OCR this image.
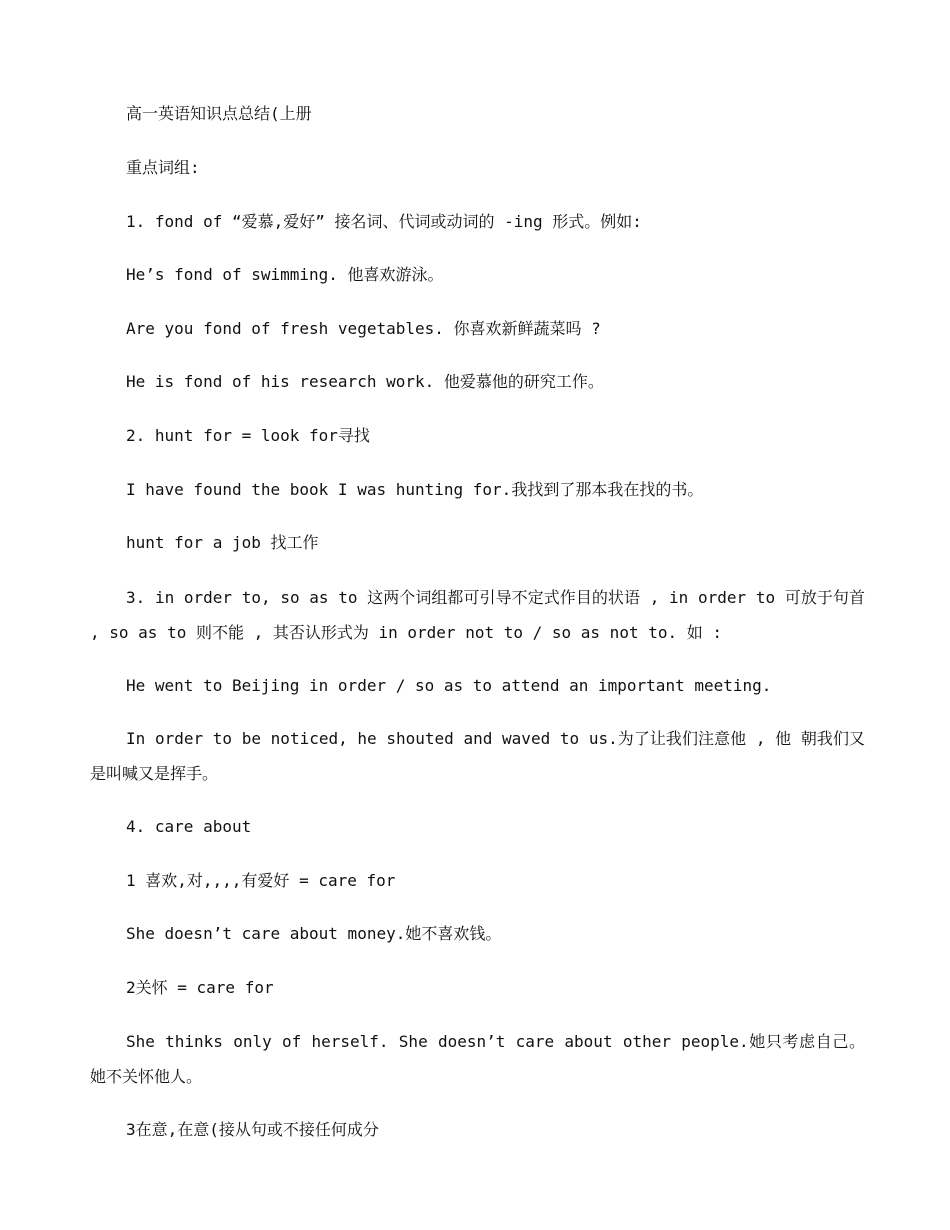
高一英语知识点总结(上册
重点词组:
1. fond of “爱慕,爱好” 接名词、代词或动词的 -ing 形式。例如:
He’s fond of swimming. 他喜欢游泳。
Are you fond of fresh vegetables. 你喜欢新鲜蔬菜吗 ?
He is fond of his research work. 他爱慕他的研究工作。
2. hunt for = look for寻找
I have found the book I was hunting for.我找到了那本我在找的书。
hunt for a job 找工作
3. in order to, so as to 这两个词组都可引导不定式作目的状语 , in order to 可放于句首 , so as to 则不能 , 其否认形式为 in order not to / so as not to. 如 :
He went to Beijing in order / so as to attend an important meeting.
In order to be noticed, he shouted and waved to us.为了让我们注意他 , 他 朝我们又是叫喊又是挥手。
4. care about
1 喜欢,对,,,,有爱好 = care for
She doesn’t care about money.她不喜欢钱。
2关怀 = care for
She thinks only of herself. She doesn’t care about other people.她只考虑自己。她不关怀他人。
3在意,在意(接从句或不接任何成分
